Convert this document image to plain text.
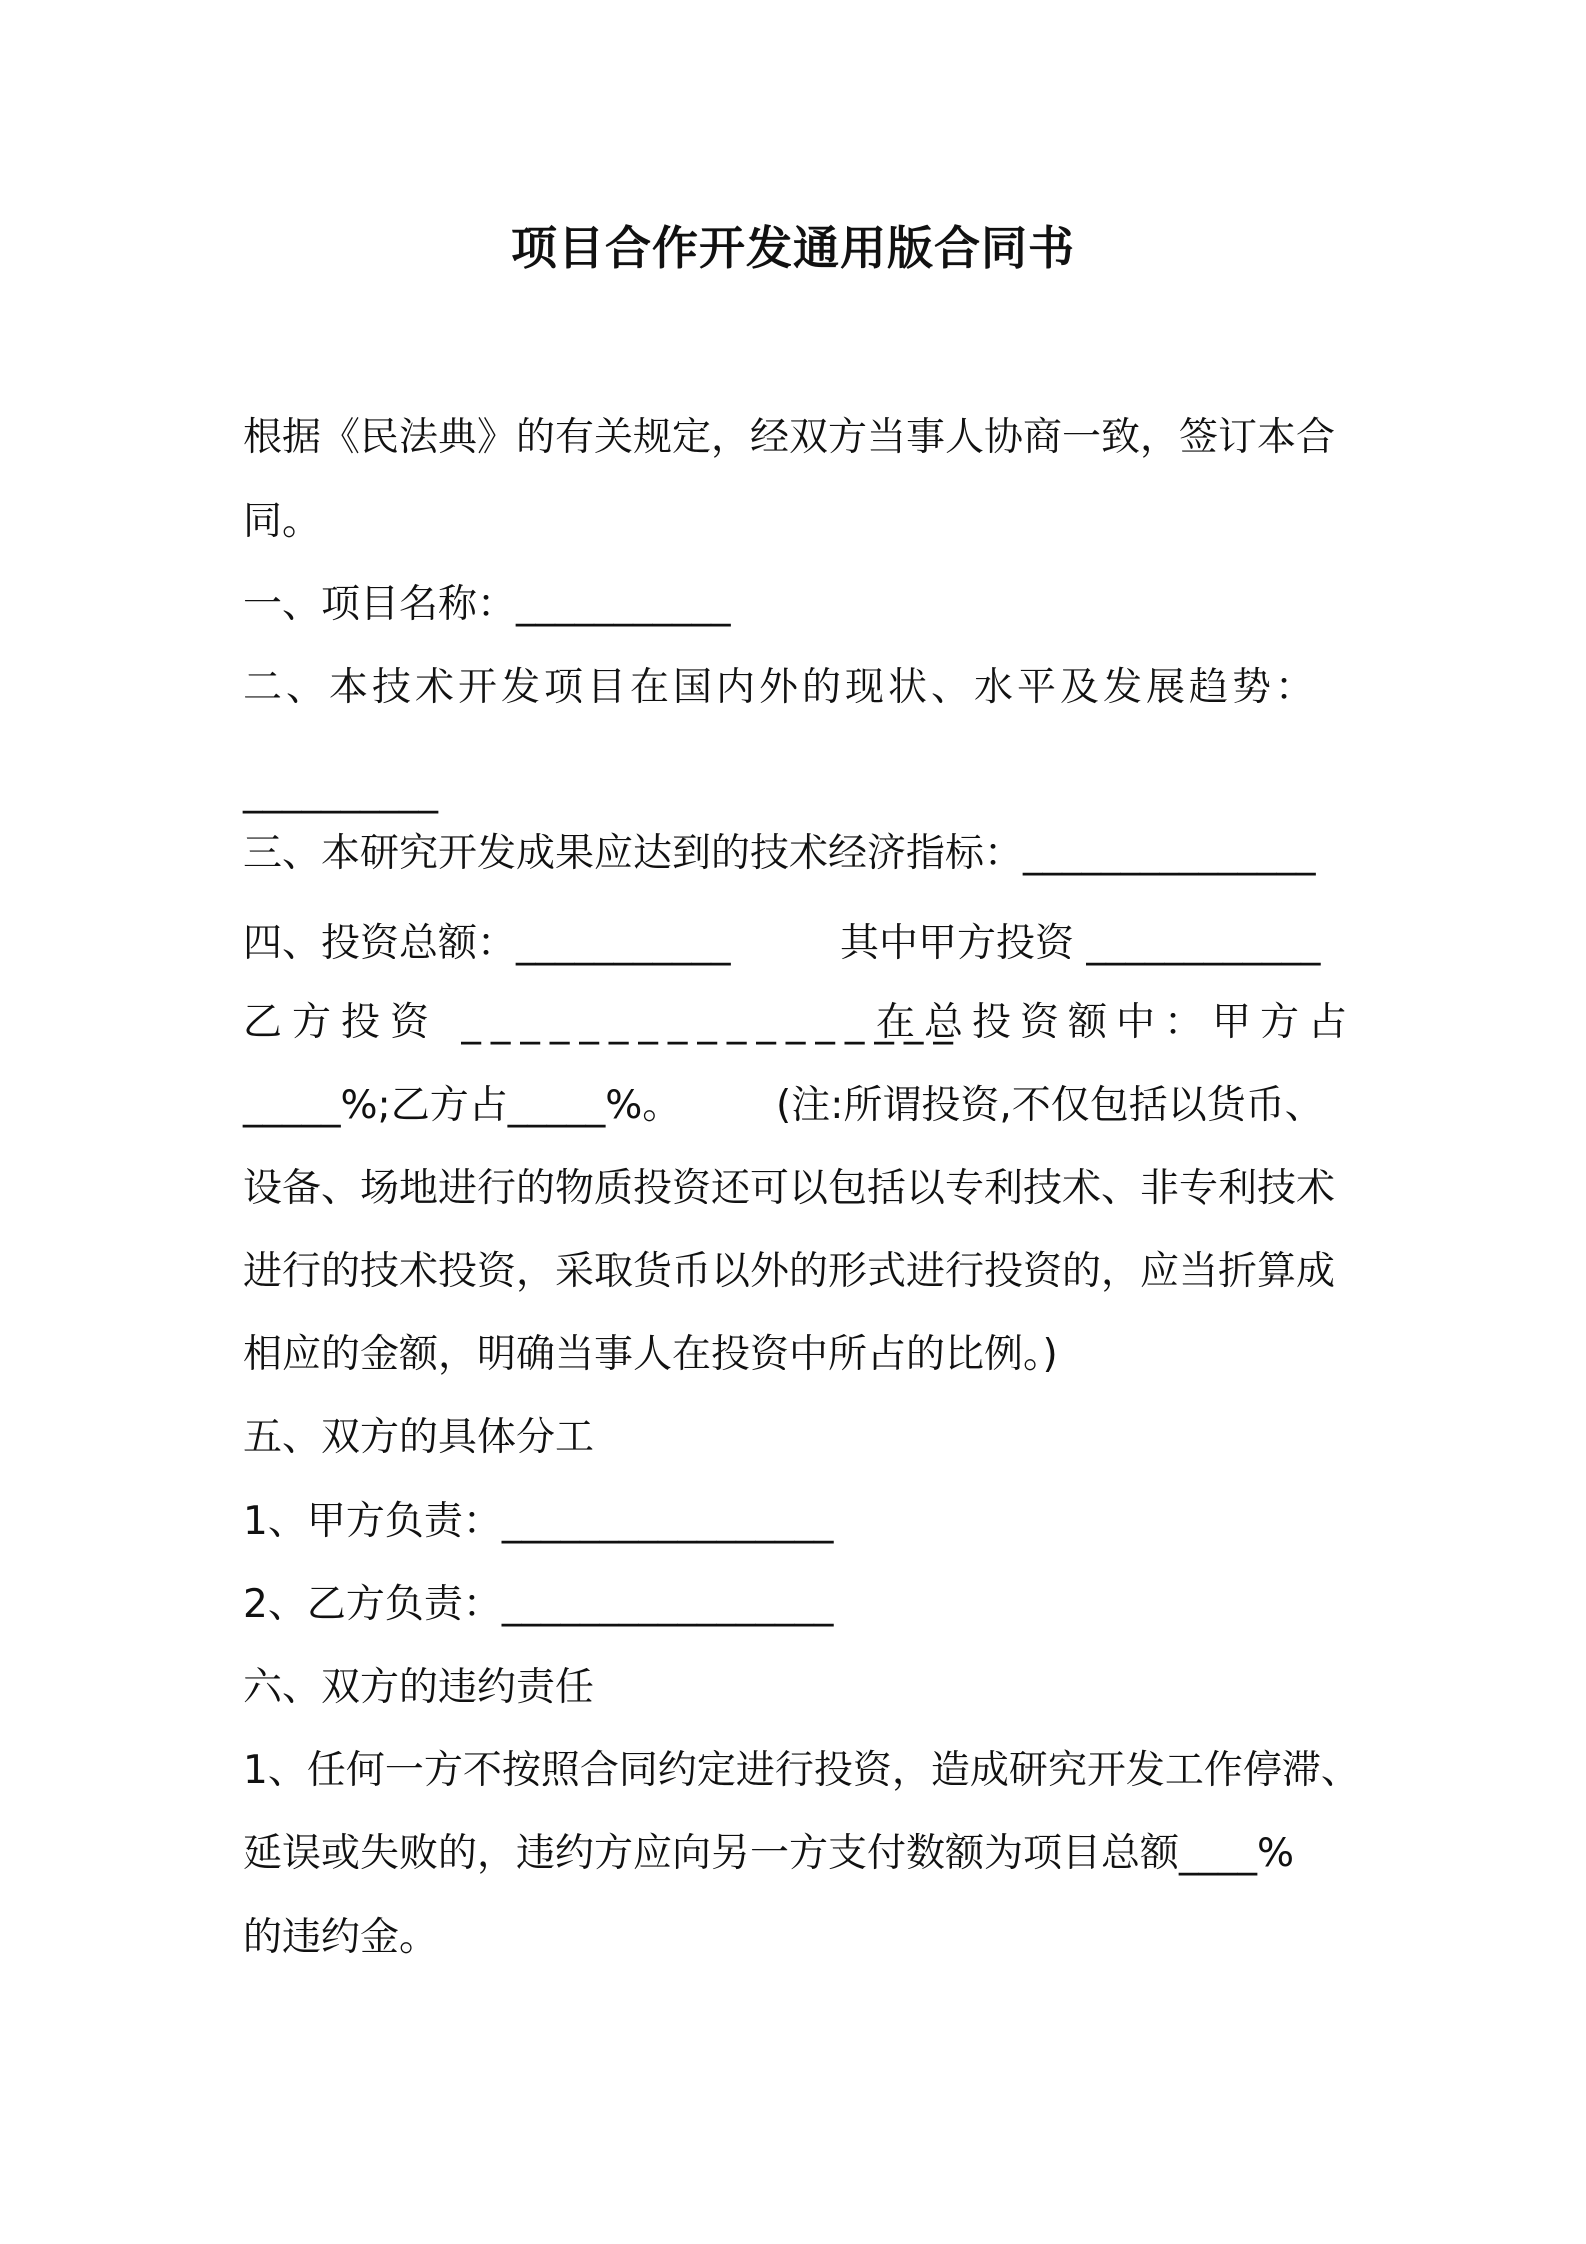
项目合作开发通用版合同书
根据《民法典》的有关规定，经双方当事人协商一致，签订本合
同。
一、项目名称：___________
二、本技术开发项目在国内外的现状、水平及发展趋势：
__________
三、本研究开发成果应达到的技术经济指标：_______________
四、投资总额：___________	其中甲方投资 ____________
乙方投资 _________________
在总投资额中：甲方占
_____%;乙方占_____%。 (注:所谓投资,不仅包括以货币、
设备、场地进行的物质投资还可以包括以专利技术、非专利技术
进行的技术投资，采取货币以外的形式进行投资的，应当折算成
相应的金额，明确当事人在投资中所占的比例。)
五、双方的具体分工
1、甲方负责：_________________
2、乙方负责：_________________
六、双方的违约责任
1、任何一方不按照合同约定进行投资，造成研究开发工作停滞、
延误或失败的，违约方应向另一方支付数额为项目总额____%
的违约金。
